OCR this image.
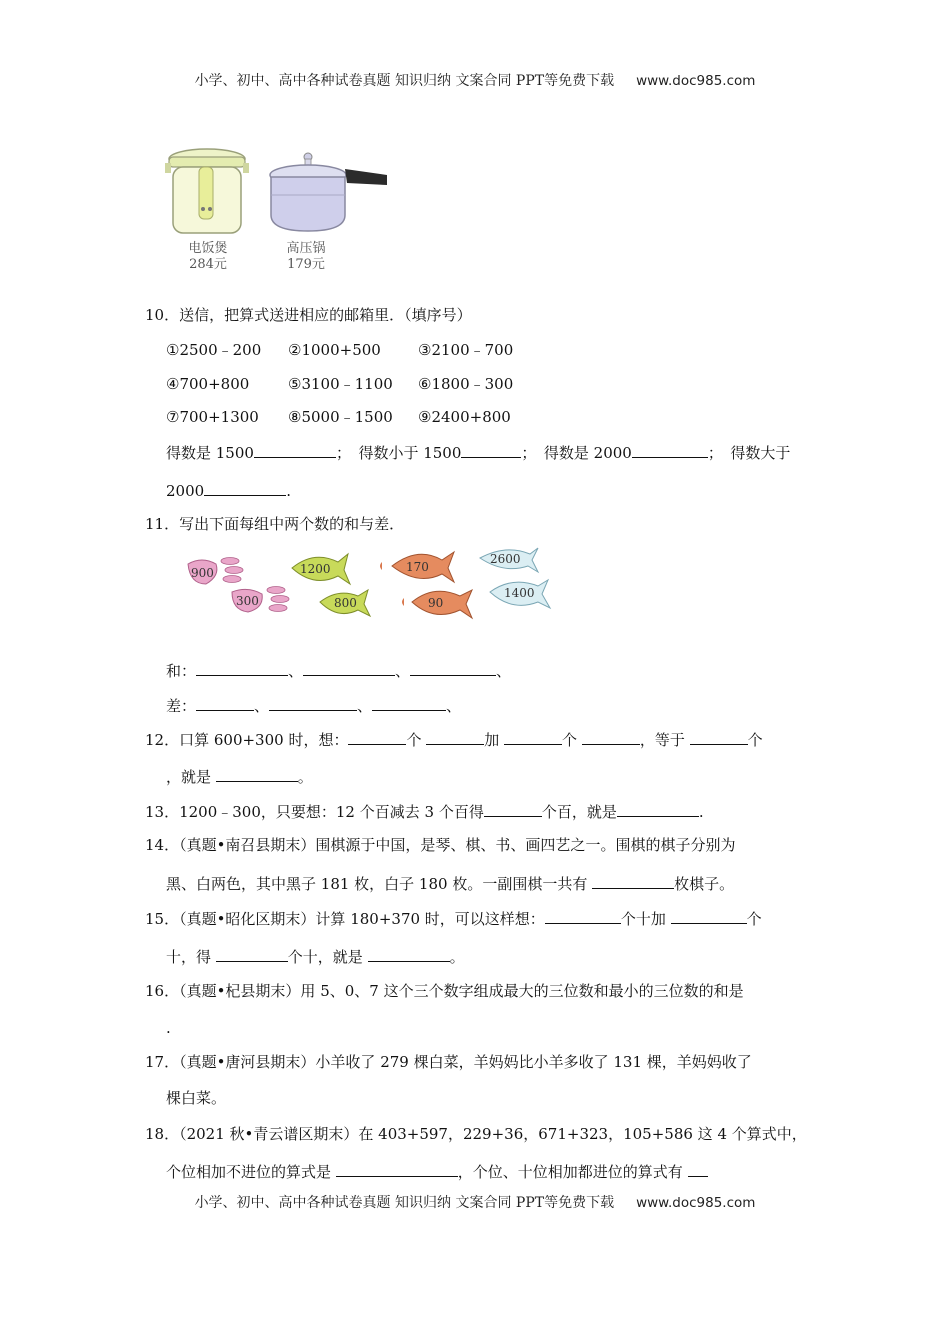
小学、初中、高中各种试卷真题 知识归纳 文案合同 PPT等免费下载 www.doc985.com
电饭煲
284元
高压锅
179元
10．送信，把算式送进相应的邮箱里．（填序号）
①2500﹣200 ②1000+500 ③2100﹣700
④700+800	⑤3100﹣1100 ⑥1800﹣300
⑦700+1300 ⑧5000﹣1500 ⑨2400+800
得数是 1500	；　得数小于 1500	；　得数是 2000	；　得数大于
2000	.
11．写出下面每组中两个数的和与差．
900
300
1200
800
170
90
2600
1400
和：	、	、	、
差：	、	、	、
12．口算 600+300 时，想：	个	加	个	，等于	个
，就是	。
13．1200﹣300，只要想：12 个百减去 3 个百得	个百，就是	.
14．（真题•南召县期末）围棋源于中国，是琴、棋、书、画四艺之一。围棋的棋子分别为
黑、白两色，其中黑子 181 枚，白子 180 枚。一副围棋一共有	枚棋子。
15．（真题•昭化区期末）计算 180+370 时，可以这样想：	个十加	个
十，得	个十，就是	。
16．（真题•杞县期末）用 5、0、7 这个三个数字组成最大的三位数和最小的三位数的和是
.
17．（真题•唐河县期末）小羊收了 279 棵白菜，羊妈妈比小羊多收了 131 棵，羊妈妈收了
棵白菜。
18．（2021 秋•青云谱区期末）在 403+597，229+36，671+323，105+586 这 4 个算式中，
个位相加不进位的算式是	，个位、十位相加都进位的算式有
小学、初中、高中各种试卷真题 知识归纳 文案合同 PPT等免费下载 www.doc985.com
